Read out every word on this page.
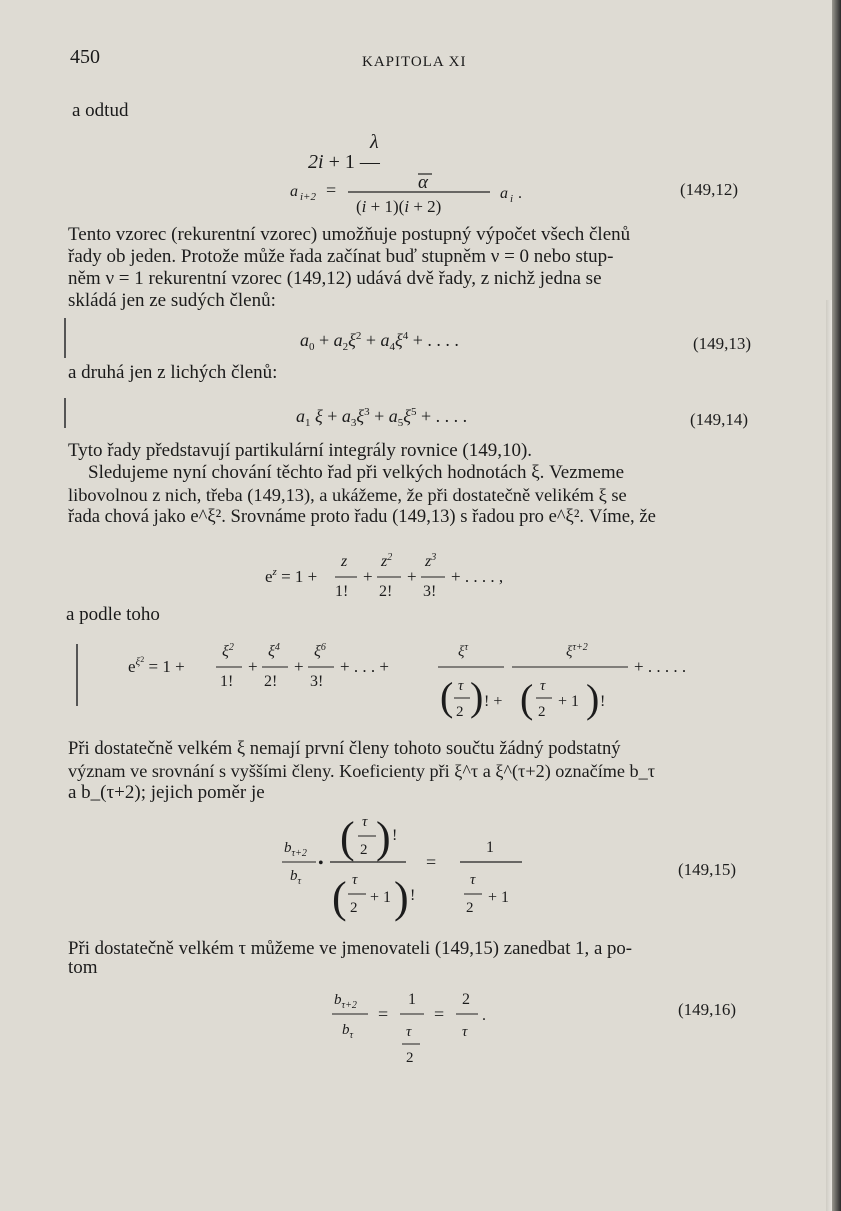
450	KAPITOLA XI
a odtud
λ
2i + 1 —
α
a i+2 =
(i + 1)(i + 2)
a i .	(149,12)
Tento vzorec (rekurentní vzorec) umožňuje postupný výpočet všech členů
řady ob jeden. Protože může řada začínat buď stupněm ν = 0 nebo stup-
něm ν = 1 rekurentní vzorec (149,12) udává dvě řady, z nichž jedna se
skládá jen ze sudých členů:
$a_0 + a_2\xi^2 + a_4\xi^4$ + . . . .	(149,13)
a druhá jen z lichých členů:
$a_1$ $\xi + a_3\xi^3 + a_5\xi^5$ + . . . .	(149,14)
Tyto řady představují partikulární integrály rovnice (149,10).
Sledujeme nyní chování těchto řad při velkých hodnotách ξ. Vezmeme
libovolnou z nich, třeba (149,13), a ukážeme, že při dostatečně velikém ξ se
řada chová jako e^ξ². Srovnáme proto řadu (149,13) s řadou pro e^ξ². Víme, že
$e^z = 1$ +
z
1!
+
$z^2$
2!
+
$z^3$
3!
+ . . . . ,
a podle toho
$e^\xi 2 = 1$ +
$\xi^2$
1!
+
$\xi^4$
2!
+
$\xi^6$
3!
+ . . . +
$\xi^\tau$
( τ
2 ) ! +
$\xi^{\tau+2}$
( τ
2
+ 1 ) !
+ . . . . .
Při dostatečně velkém ξ nemají první členy tohoto součtu žádný podstatný
význam ve srovnání s vyššími členy. Koeficienty při ξ^τ a ξ^(τ+2) označíme b_τ
a b_(τ+2); jejich poměr je
$b_{\tau+2}$
$b_\tau$
•
( τ
2 ) !
( τ
2
+ 1 ) !
=
1
τ
2
+ 1
(149,15)
Při dostatečně velkém τ můžeme ve jmenovateli (149,15) zanedbat 1, a po-
tom
$b_{\tau+2}$
$b_\tau$
=
1
τ
2
=
2
τ
.	(149,16)
